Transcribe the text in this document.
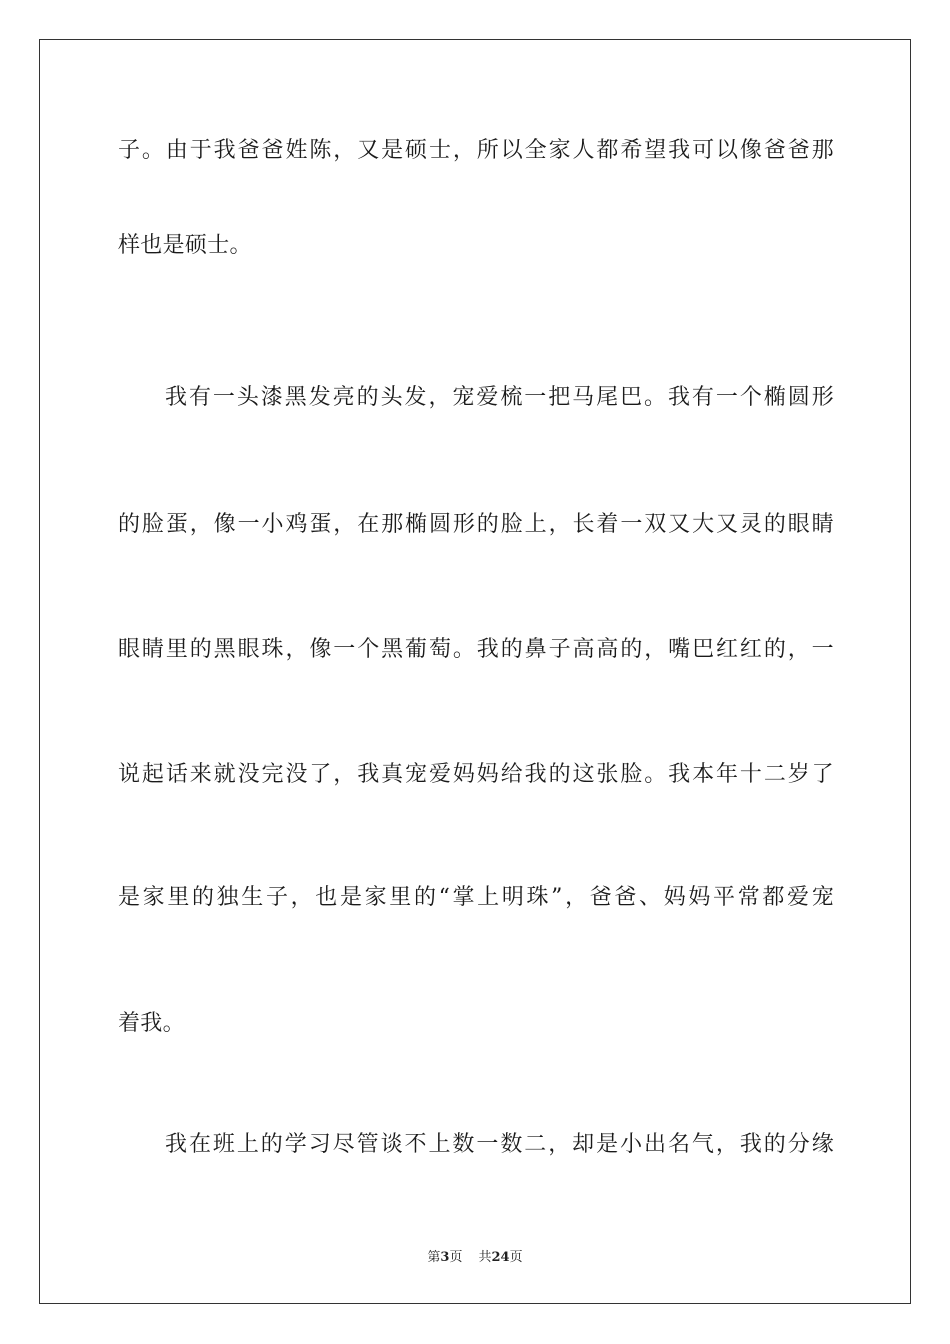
子。由于我爸爸姓陈，又是硕士，所以全家人都希望我可以像爸爸那
样也是硕士。
我有一头漆黑发亮的头发，宠爱梳一把马尾巴。我有一个椭圆形
的脸蛋，像一小鸡蛋，在那椭圆形的脸上，长着一双又大又灵的眼睛
眼睛里的黑眼珠，像一个黑葡萄。我的鼻子高高的，嘴巴红红的，一
说起话来就没完没了，我真宠爱妈妈给我的这张脸。我本年十二岁了
是家里的独生子，也是家里的“掌上明珠”，爸爸、妈妈平常都爱宠
着我。
我在班上的学习尽管谈不上数一数二，却是小出名气，我的分缘
第3页 共24页
